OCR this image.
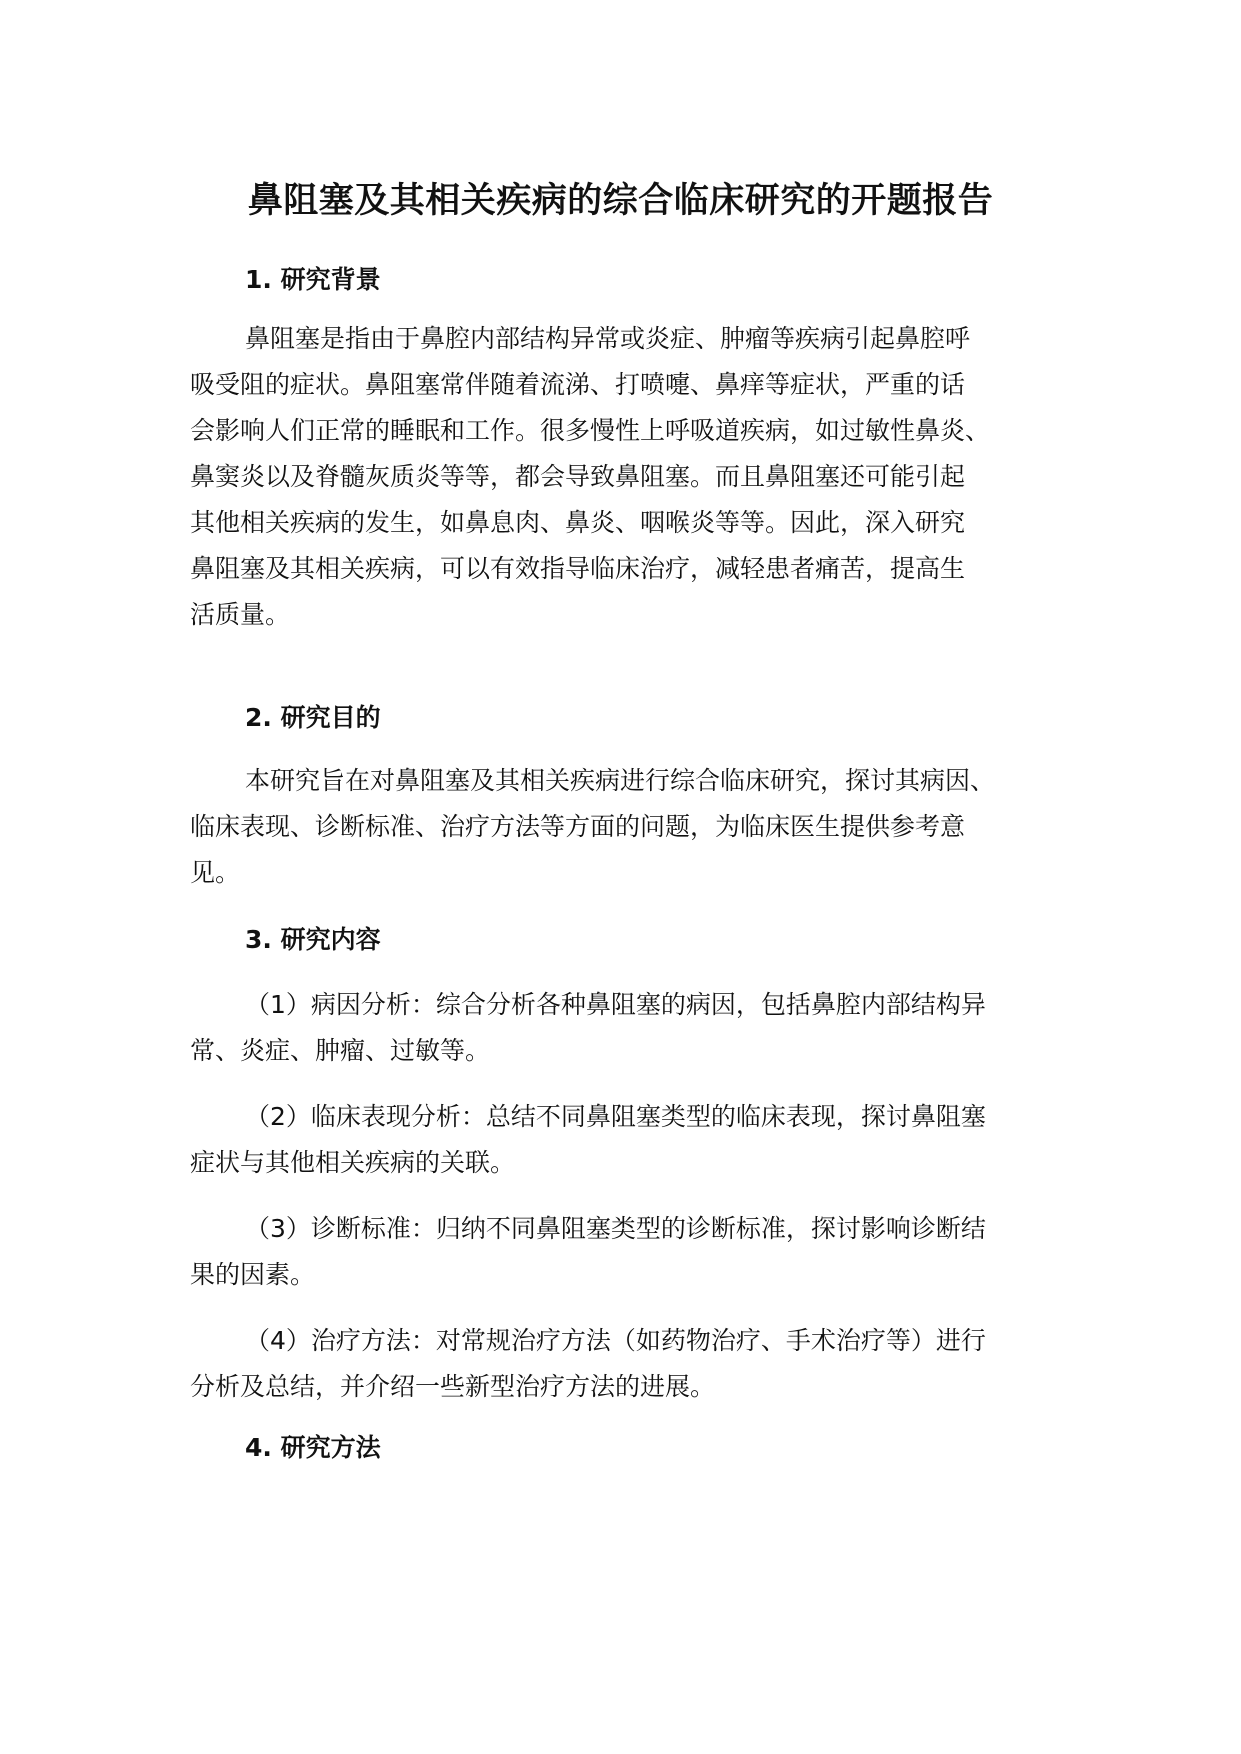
鼻阻塞及其相关疾病的综合临床研究的开题报告
1. 研究背景
鼻阻塞是指由于鼻腔内部结构异常或炎症、肿瘤等疾病引起鼻腔呼
吸受阻的症状。鼻阻塞常伴随着流涕、打喷嚏、鼻痒等症状，严重的话
会影响人们正常的睡眠和工作。很多慢性上呼吸道疾病，如过敏性鼻炎、
鼻窦炎以及脊髓灰质炎等等，都会导致鼻阻塞。而且鼻阻塞还可能引起
其他相关疾病的发生，如鼻息肉、鼻炎、咽喉炎等等。因此，深入研究
鼻阻塞及其相关疾病，可以有效指导临床治疗，减轻患者痛苦，提高生
活质量。
2. 研究目的
本研究旨在对鼻阻塞及其相关疾病进行综合临床研究，探讨其病因、
临床表现、诊断标准、治疗方法等方面的问题，为临床医生提供参考意
见。
3. 研究内容
（1）病因分析：综合分析各种鼻阻塞的病因，包括鼻腔内部结构异
常、炎症、肿瘤、过敏等。
（2）临床表现分析：总结不同鼻阻塞类型的临床表现，探讨鼻阻塞
症状与其他相关疾病的关联。
（3）诊断标准：归纳不同鼻阻塞类型的诊断标准，探讨影响诊断结
果的因素。
（4）治疗方法：对常规治疗方法（如药物治疗、手术治疗等）进行
分析及总结，并介绍一些新型治疗方法的进展。
4. 研究方法
